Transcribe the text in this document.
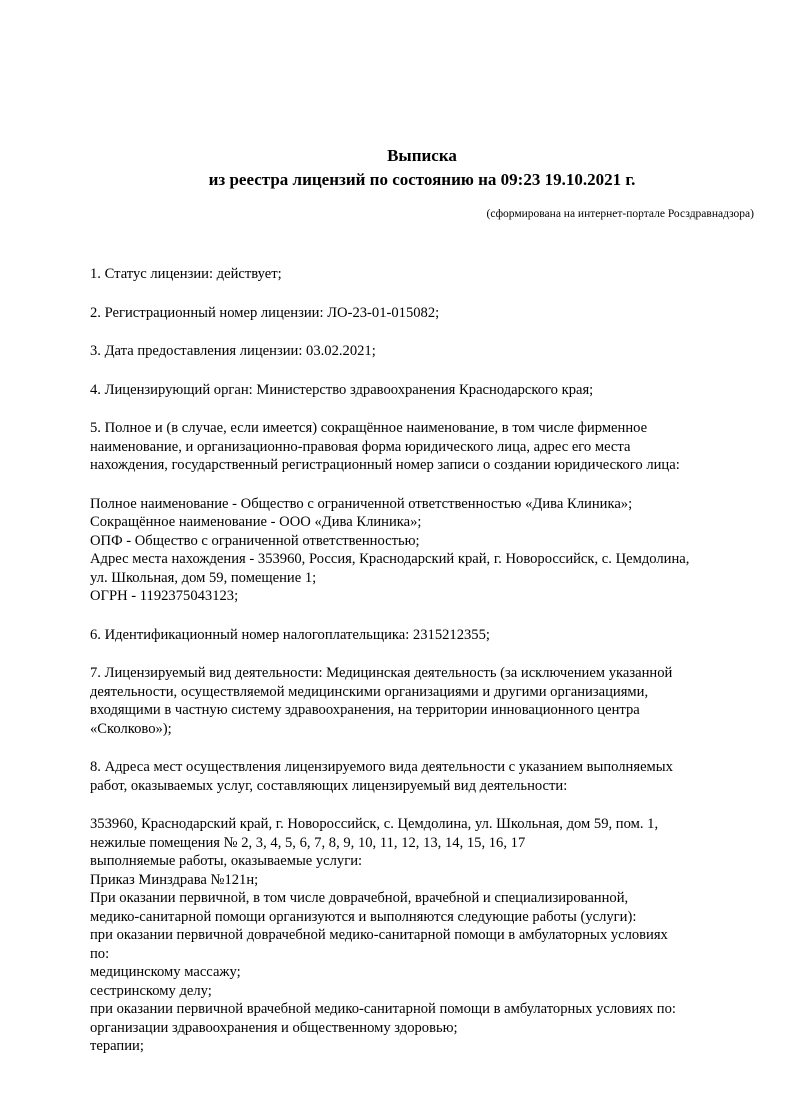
Выписка
из реестра лицензий по состоянию на 09:23 19.10.2021 г.
(сформирована на интернет-портале Росздравнадзора)

1. Статус лицензии: действует;

2. Регистрационный номер лицензии: ЛО-23-01-015082;

3. Дата предоставления лицензии: 03.02.2021;

4. Лицензирующий орган: Министерство здравоохранения Краснодарского края;

5. Полное и (в случае, если имеется) сокращённое наименование, в том числе фирменное
наименование, и организационно-правовая форма юридического лица, адрес его места
нахождения, государственный регистрационный номер записи о создании юридического лица:

Полное наименование - Общество с ограниченной ответственностью «Дива Клиника»;
Сокращённое наименование - ООО «Дива Клиника»;
ОПФ - Общество с ограниченной ответственностью;
Адрес места нахождения - 353960, Россия, Краснодарский край, г. Новороссийск, с. Цемдолина,
ул. Школьная, дом 59, помещение 1;
ОГРН - 1192375043123;

6. Идентификационный номер налогоплательщика: 2315212355;

7. Лицензируемый вид деятельности: Медицинская деятельность (за исключением указанной
деятельности, осуществляемой медицинскими организациями и другими организациями,
входящими в частную систему здравоохранения, на территории инновационного центра
«Сколково»);

8. Адреса мест осуществления лицензируемого вида деятельности с указанием выполняемых
работ, оказываемых услуг, составляющих лицензируемый вид деятельности:

353960, Краснодарский край, г. Новороссийск, с. Цемдолина, ул. Школьная, дом 59, пом. 1,
нежилые помещения № 2, 3, 4, 5, 6, 7, 8, 9, 10, 11, 12, 13, 14, 15, 16, 17
выполняемые работы, оказываемые услуги:
Приказ Минздрава №121н;
При оказании первичной, в том числе доврачебной, врачебной и специализированной,
медико-санитарной помощи организуются и выполняются следующие работы (услуги):
при оказании первичной доврачебной медико-санитарной помощи в амбулаторных условиях
по:
медицинскому массажу;
сестринскому делу;
при оказании первичной врачебной медико-санитарной помощи в амбулаторных условиях по:
организации здравоохранения и общественному здоровью;
терапии;
